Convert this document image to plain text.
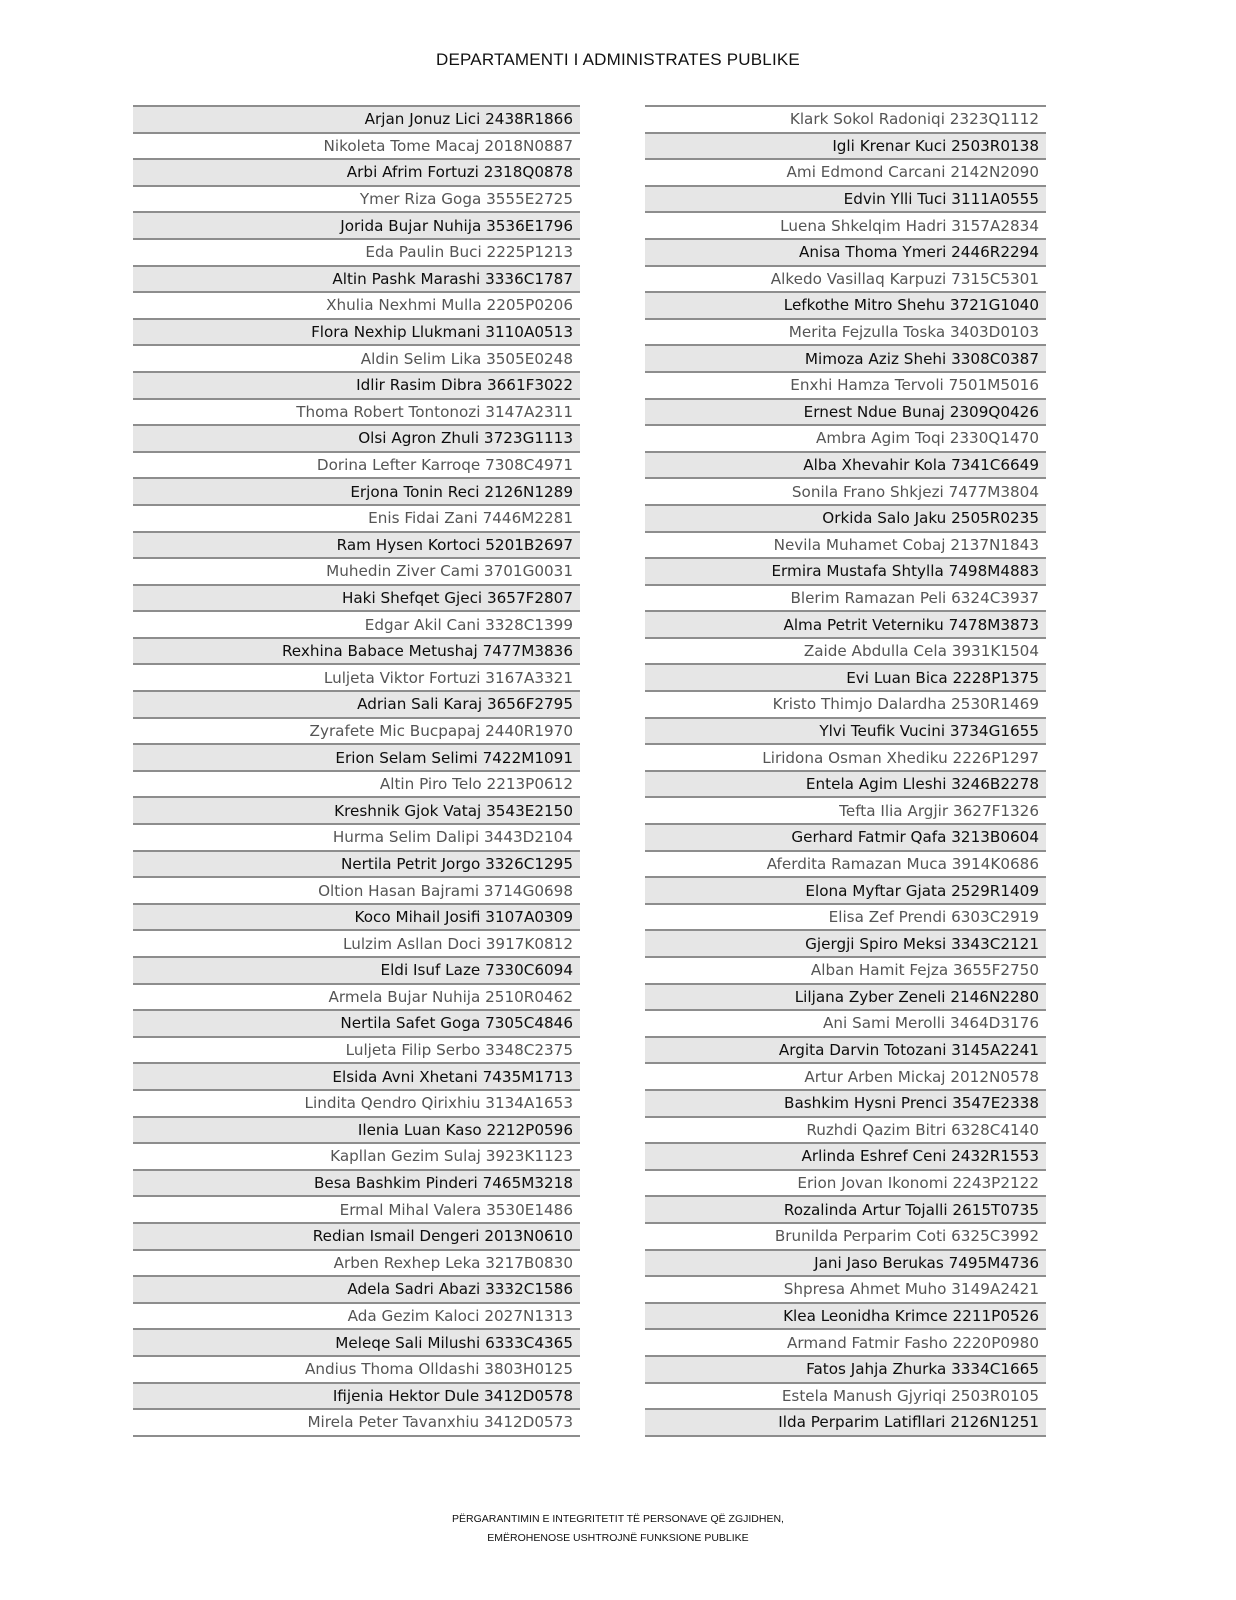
DEPARTAMENTI I ADMINISTRATES PUBLIKE
Arjan Jonuz Lici 2438R1866
Nikoleta Tome Macaj 2018N0887
Arbi Afrim Fortuzi 2318Q0878
Ymer Riza Goga 3555E2725
Jorida Bujar Nuhija 3536E1796
Eda Paulin Buci 2225P1213
Altin Pashk Marashi 3336C1787
Xhulia Nexhmi Mulla 2205P0206
Flora Nexhip Llukmani 3110A0513
Aldin Selim Lika 3505E0248
Idlir Rasim Dibra 3661F3022
Thoma Robert Tontonozi 3147A2311
Olsi Agron Zhuli 3723G1113
Dorina Lefter Karroqe 7308C4971
Erjona Tonin Reci 2126N1289
Enis Fidai Zani 7446M2281
Ram Hysen Kortoci 5201B2697
Muhedin Ziver Cami 3701G0031
Haki Shefqet Gjeci 3657F2807
Edgar Akil Cani 3328C1399
Rexhina Babace Metushaj 7477M3836
Luljeta Viktor Fortuzi 3167A3321
Adrian Sali Karaj 3656F2795
Zyrafete Mic Bucpapaj 2440R1970
Erion Selam Selimi 7422M1091
Altin Piro Telo 2213P0612
Kreshnik Gjok Vataj 3543E2150
Hurma Selim Dalipi 3443D2104
Nertila Petrit Jorgo 3326C1295
Oltion Hasan Bajrami 3714G0698
Koco Mihail Josifi 3107A0309
Lulzim Asllan Doci 3917K0812
Eldi Isuf Laze 7330C6094
Armela Bujar Nuhija 2510R0462
Nertila Safet Goga 7305C4846
Luljeta Filip Serbo 3348C2375
Elsida Avni Xhetani 7435M1713
Lindita Qendro Qirixhiu 3134A1653
Ilenia Luan Kaso 2212P0596
Kapllan Gezim Sulaj 3923K1123
Besa Bashkim Pinderi 7465M3218
Ermal Mihal Valera 3530E1486
Redian Ismail Dengeri 2013N0610
Arben Rexhep Leka 3217B0830
Adela Sadri Abazi 3332C1586
Ada Gezim Kaloci 2027N1313
Meleqe Sali Milushi 6333C4365
Andius Thoma Olldashi 3803H0125
Ifijenia Hektor Dule 3412D0578
Mirela Peter Tavanxhiu 3412D0573
Klark Sokol Radoniqi 2323Q1112
Igli Krenar Kuci 2503R0138
Ami Edmond Carcani 2142N2090
Edvin Ylli Tuci 3111A0555
Luena Shkelqim Hadri 3157A2834
Anisa Thoma Ymeri 2446R2294
Alkedo Vasillaq Karpuzi 7315C5301
Lefkothe Mitro Shehu 3721G1040
Merita Fejzulla Toska 3403D0103
Mimoza Aziz Shehi 3308C0387
Enxhi Hamza Tervoli 7501M5016
Ernest Ndue Bunaj 2309Q0426
Ambra Agim Toqi 2330Q1470
Alba Xhevahir Kola 7341C6649
Sonila Frano Shkjezi 7477M3804
Orkida Salo Jaku 2505R0235
Nevila Muhamet Cobaj 2137N1843
Ermira Mustafa Shtylla 7498M4883
Blerim Ramazan Peli 6324C3937
Alma Petrit Veterniku 7478M3873
Zaide Abdulla Cela 3931K1504
Evi Luan Bica 2228P1375
Kristo Thimjo Dalardha 2530R1469
Ylvi Teufik Vucini 3734G1655
Liridona Osman Xhediku 2226P1297
Entela Agim Lleshi 3246B2278
Tefta Ilia Argjir 3627F1326
Gerhard Fatmir Qafa 3213B0604
Aferdita Ramazan Muca 3914K0686
Elona Myftar Gjata 2529R1409
Elisa Zef Prendi 6303C2919
Gjergji Spiro Meksi 3343C2121
Alban Hamit Fejza 3655F2750
Liljana Zyber Zeneli 2146N2280
Ani Sami Merolli 3464D3176
Argita Darvin Totozani 3145A2241
Artur Arben Mickaj 2012N0578
Bashkim Hysni Prenci 3547E2338
Ruzhdi Qazim Bitri 6328C4140
Arlinda Eshref Ceni 2432R1553
Erion Jovan Ikonomi 2243P2122
Rozalinda Artur Tojalli 2615T0735
Brunilda Perparim Coti 6325C3992
Jani Jaso Berukas 7495M4736
Shpresa Ahmet Muho 3149A2421
Klea Leonidha Krimce 2211P0526
Armand Fatmir Fasho 2220P0980
Fatos Jahja Zhurka 3334C1665
Estela Manush Gjyriqi 2503R0105
Ilda Perparim Latifllari 2126N1251
PËRGARANTIMIN E INTEGRITETIT TË PERSONAVE QË ZGJIDHEN,
EMËROHENOSE USHTROJNË FUNKSIONE PUBLIKE
